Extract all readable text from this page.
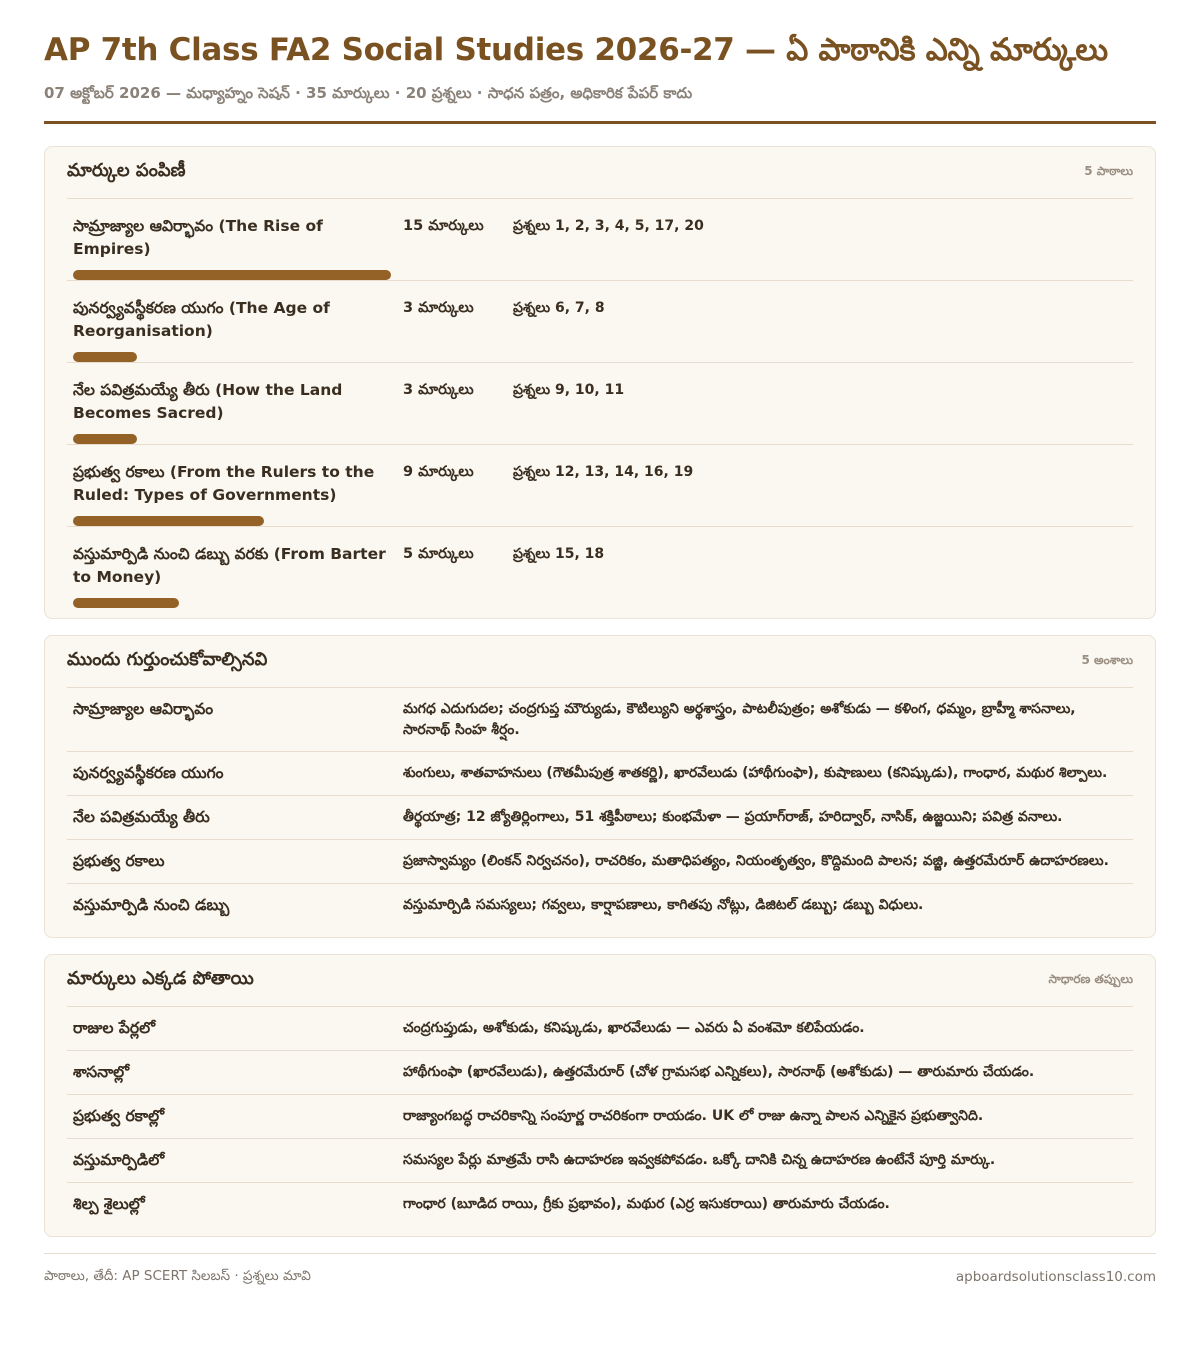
AP 7th Class FA2 Social Studies 2026-27 — ఏ పాఠానికి ఎన్ని మార్కులు
07 అక్టోబర్ 2026 — మధ్యాహ్నం సెషన్ · 35 మార్కులు · 20 ప్రశ్నలు · సాధన పత్రం, అధికారిక పేపర్ కాదు
మార్కుల పంపిణీ	5 పాఠాలు
సామ్రాజ్యాల ఆవిర్భావం (The Rise of Empires)
15 మార్కులు	ప్రశ్నలు 1, 2, 3, 4, 5, 17, 20
పునర్వ్యవస్థీకరణ యుగం (The Age of Reorganisation)
3 మార్కులు	ప్రశ్నలు 6, 7, 8
నేల పవిత్రమయ్యే తీరు (How the Land Becomes Sacred)
3 మార్కులు	ప్రశ్నలు 9, 10, 11
ప్రభుత్వ రకాలు (From the Rulers to the Ruled: Types of Governments)
9 మార్కులు	ప్రశ్నలు 12, 13, 14, 16, 19
వస్తుమార్పిడి నుంచి డబ్బు వరకు (From Barter to Money)
5 మార్కులు	ప్రశ్నలు 15, 18
ముందు గుర్తుంచుకోవాల్సినవి	5 అంశాలు
సామ్రాజ్యాల ఆవిర్భావం	మగధ ఎదుగుదల; చంద్రగుప్త మౌర్యుడు, కౌటిల్యుని అర్థశాస్త్రం, పాటలీపుత్రం; అశోకుడు — కళింగ, ధమ్మం, బ్రాహ్మీ శాసనాలు, సారనాథ్ సింహ శీర్షం.
పునర్వ్యవస్థీకరణ యుగం	శుంగులు, శాతవాహనులు (గౌతమీపుత్ర శాతకర్ణి), ఖారవేలుడు (హాథీగుంఫా), కుషాణులు (కనిష్కుడు), గాంధార, మథుర శిల్పాలు.
నేల పవిత్రమయ్యే తీరు	తీర్థయాత్ర; 12 జ్యోతిర్లింగాలు, 51 శక్తిపీఠాలు; కుంభమేళా — ప్రయాగ్‌రాజ్, హరిద్వార్, నాసిక్, ఉజ్జయిని; పవిత్ర వనాలు.
ప్రభుత్వ రకాలు	ప్రజాస్వామ్యం (లింకన్ నిర్వచనం), రాచరికం, మతాధిపత్యం, నియంతృత్వం, కొద్దిమంది పాలన; వజ్జి, ఉత్తరమేరూర్ ఉదాహరణలు.
వస్తుమార్పిడి నుంచి డబ్బు	వస్తుమార్పిడి సమస్యలు; గవ్వలు, కార్షాపణాలు, కాగితపు నోట్లు, డిజిటల్ డబ్బు; డబ్బు విధులు.
మార్కులు ఎక్కడ పోతాయి	సాధారణ తప్పులు
రాజుల పేర్లలో	చంద్రగుప్తుడు, అశోకుడు, కనిష్కుడు, ఖారవేలుడు — ఎవరు ఏ వంశమో కలిపేయడం.
శాసనాల్లో	హాథీగుంఫా (ఖారవేలుడు), ఉత్తరమేరూర్ (చోళ గ్రామసభ ఎన్నికలు), సారనాథ్ (అశోకుడు) — తారుమారు చేయడం.
ప్రభుత్వ రకాల్లో	రాజ్యాంగబద్ధ రాచరికాన్ని సంపూర్ణ రాచరికంగా రాయడం. UK లో రాజు ఉన్నా పాలన ఎన్నికైన ప్రభుత్వానిది.
వస్తుమార్పిడిలో	సమస్యల పేర్లు మాత్రమే రాసి ఉదాహరణ ఇవ్వకపోవడం. ఒక్కో దానికి చిన్న ఉదాహరణ ఉంటేనే పూర్తి మార్కు.
శిల్ప శైలుల్లో	గాంధార (బూడిద రాయి, గ్రీకు ప్రభావం), మథుర (ఎర్ర ఇసుకరాయి) తారుమారు చేయడం.
పాఠాలు, తేదీ: AP SCERT సిలబస్ · ప్రశ్నలు మావి	apboardsolutionsclass10.com
